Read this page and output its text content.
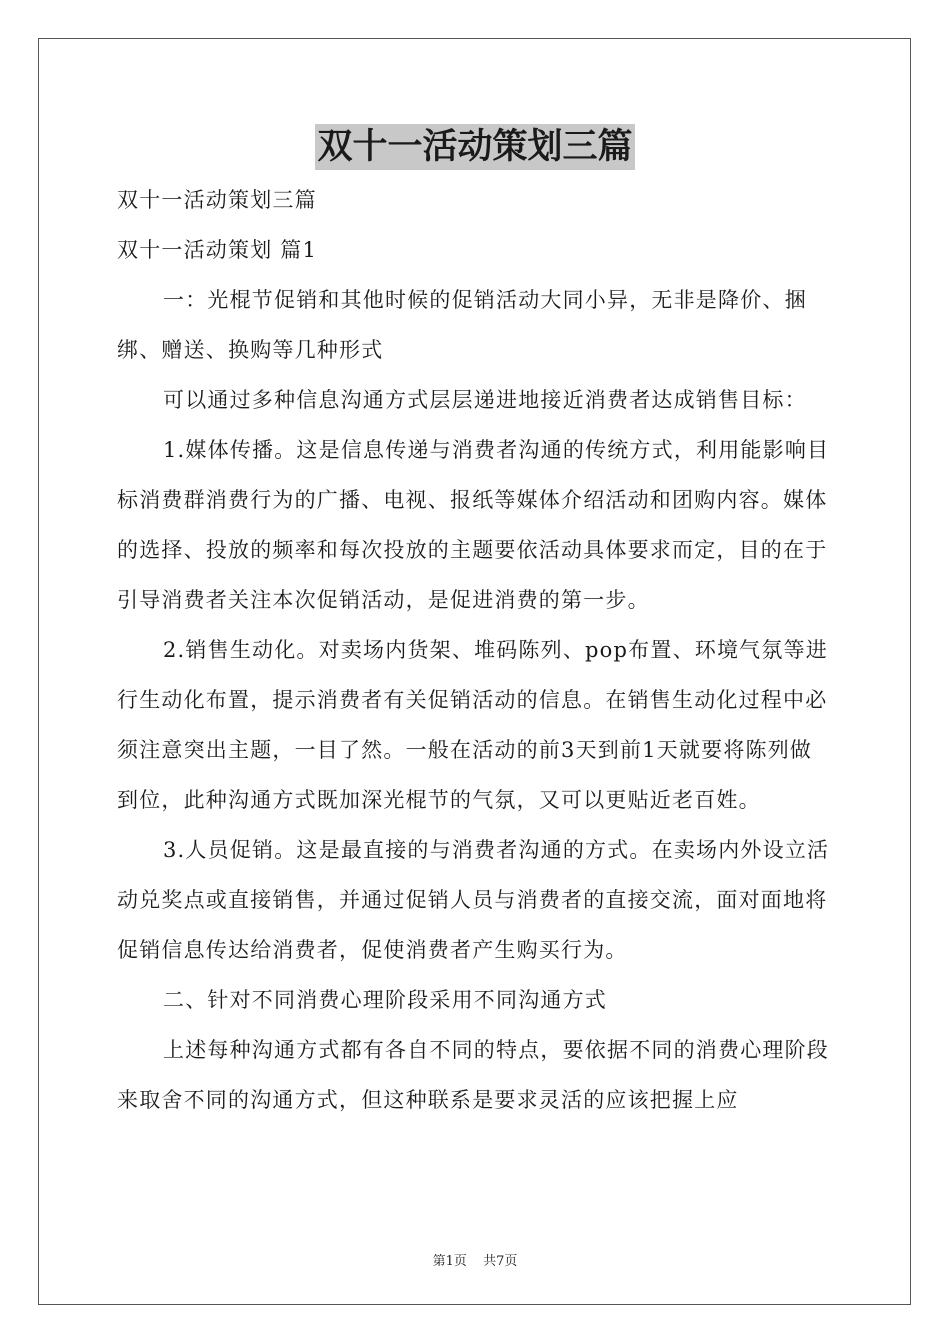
双十一活动策划三篇

双十一活动策划三篇

双十一活动策划 篇1

一：光棍节促销和其他时候的促销活动大同小异，无非是降价、捆绑、赠送、换购等几种形式

可以通过多种信息沟通方式层层递进地接近消费者达成销售目标：

1.媒体传播。这是信息传递与消费者沟通的传统方式，利用能影响目标消费群消费行为的广播、电视、报纸等媒体介绍活动和团购内容。媒体的选择、投放的频率和每次投放的主题要依活动具体要求而定，目的在于引导消费者关注本次促销活动，是促进消费的第一步。

2.销售生动化。对卖场内货架、堆码陈列、pop布置、环境气氛等进行生动化布置，提示消费者有关促销活动的信息。在销售生动化过程中必须注意突出主题，一目了然。一般在活动的前3天到前1天就要将陈列做到位，此种沟通方式既加深光棍节的气氛，又可以更贴近老百姓。

3.人员促销。这是最直接的与消费者沟通的方式。在卖场内外设立活动兑奖点或直接销售，并通过促销人员与消费者的直接交流，面对面地将促销信息传达给消费者，促使消费者产生购买行为。

二、针对不同消费心理阶段采用不同沟通方式

上述每种沟通方式都有各自不同的特点，要依据不同的消费心理阶段来取舍不同的沟通方式，但这种联系是要求灵活的应该把握上应

第1页 共7页
